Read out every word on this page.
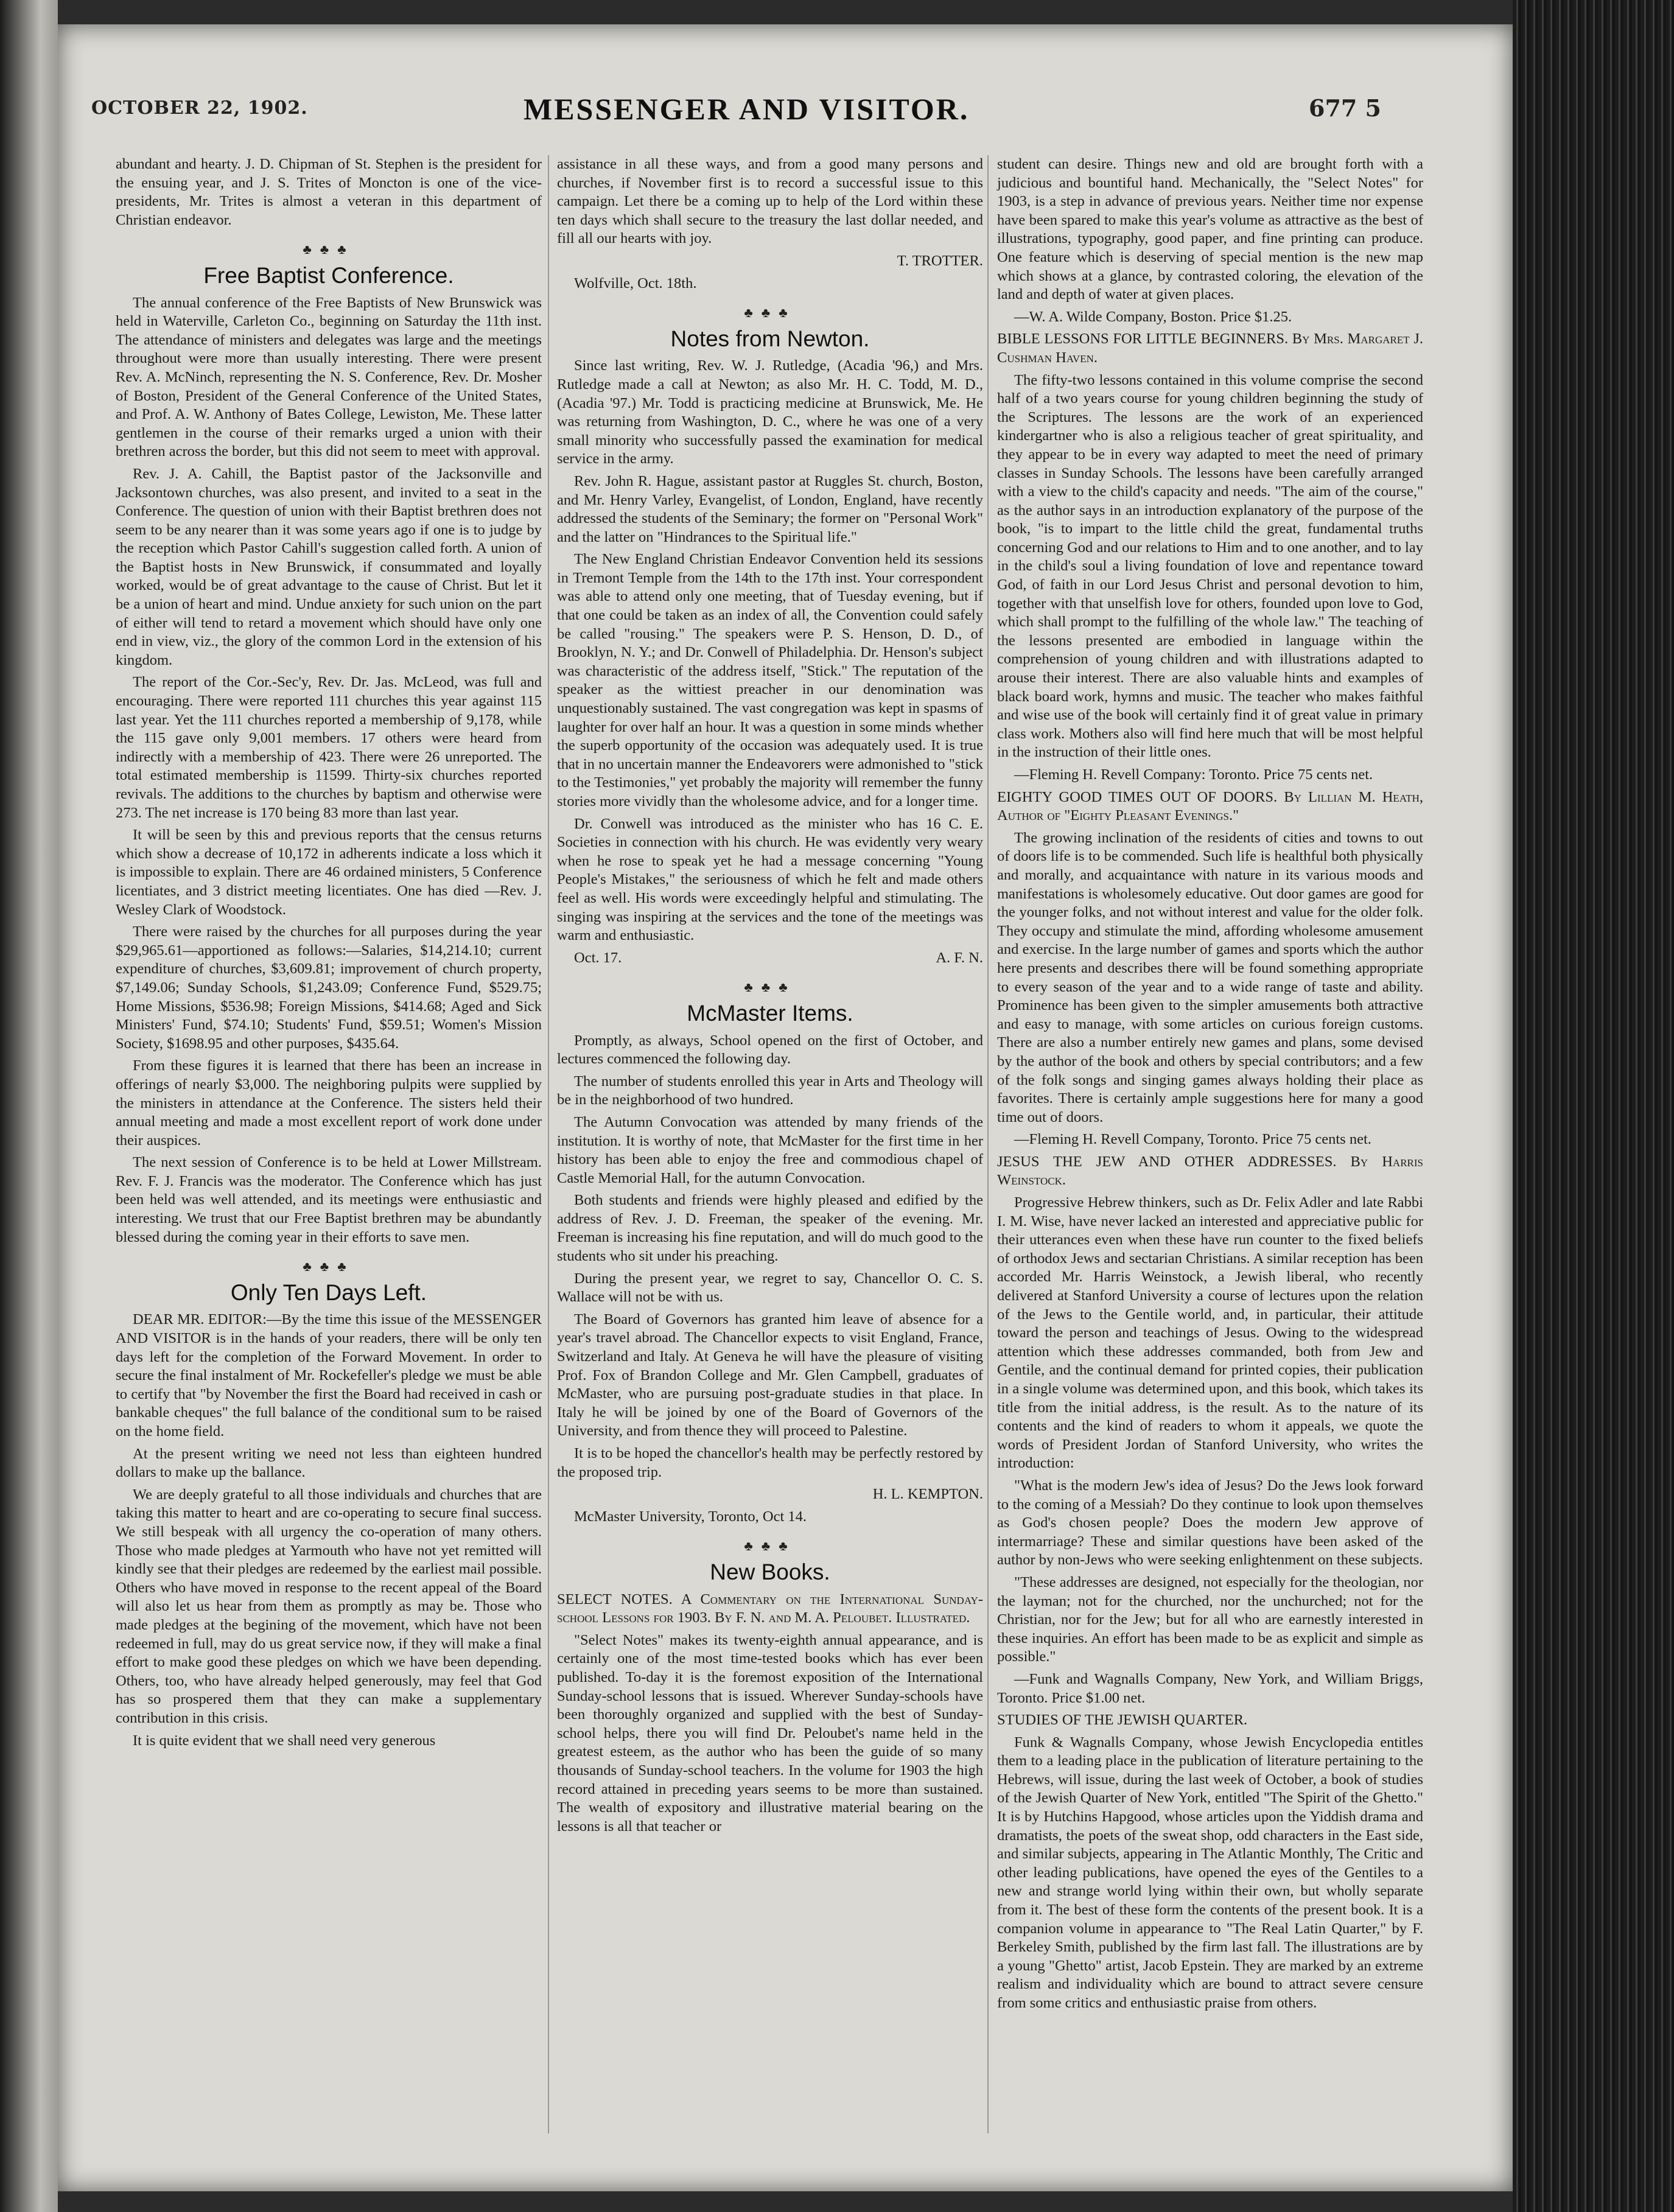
OCTOBER 22, 1902.	MESSENGER AND VISITOR.	677 5

abundant and hearty. J. D. Chipman of St. Stephen is the president for the ensuing year, and J. S. Trites of Moncton is one of the vice-presidents, Mr. Trites is almost a veteran in this department of Christian endeavor.

♣♣♣
Free Baptist Conference.

The annual conference of the Free Baptists of New Brunswick was held in Waterville, Carleton Co., beginning on Saturday the 11th inst. The attendance of ministers and delegates was large and the meetings throughout were more than usually interesting. There were present Rev. A. McNinch, representing the N. S. Conference, Rev. Dr. Mosher of Boston, President of the General Conference of the United States, and Prof. A. W. Anthony of Bates College, Lewiston, Me. These latter gentlemen in the course of their remarks urged a union with their brethren across the border, but this did not seem to meet with approval.

Rev. J. A. Cahill, the Baptist pastor of the Jacksonville and Jacksontown churches, was also present, and invited to a seat in the Conference. The question of union with their Baptist brethren does not seem to be any nearer than it was some years ago if one is to judge by the reception which Pastor Cahill's suggestion called forth. A union of the Baptist hosts in New Brunswick, if consummated and loyally worked, would be of great advantage to the cause of Christ. But let it be a union of heart and mind. Undue anxiety for such union on the part of either will tend to retard a movement which should have only one end in view, viz., the glory of the common Lord in the extension of his kingdom.

The report of the Cor.-Sec'y, Rev. Dr. Jas. McLeod, was full and encouraging. There were reported 111 churches this year against 115 last year. Yet the 111 churches reported a membership of 9,178, while the 115 gave only 9,001 members. 17 others were heard from indirectly with a membership of 423. There were 26 unreported. The total estimated membership is 11599. Thirty-six churches reported revivals. The additions to the churches by baptism and otherwise were 273. The net increase is 170 being 83 more than last year.

It will be seen by this and previous reports that the census returns which show a decrease of 10,172 in adherents indicate a loss which it is impossible to explain. There are 46 ordained ministers, 5 Conference licentiates, and 3 district meeting licentiates. One has died —Rev. J. Wesley Clark of Woodstock.

There were raised by the churches for all purposes during the year $29,965.61—apportioned as follows:—Salaries, $14,214.10; current expenditure of churches, $3,609.81; improvement of church property, $7,149.06; Sunday Schools, $1,243.09; Conference Fund, $529.75; Home Missions, $536.98; Foreign Missions, $414.68; Aged and Sick Ministers' Fund, $74.10; Students' Fund, $59.51; Women's Mission Society, $1698.95 and other purposes, $435.64.

From these figures it is learned that there has been an increase in offerings of nearly $3,000. The neighboring pulpits were supplied by the ministers in attendance at the Conference. The sisters held their annual meeting and made a most excellent report of work done under their auspices.

The next session of Conference is to be held at Lower Millstream. Rev. F. J. Francis was the moderator. The Conference which has just been held was well attended, and its meetings were enthusiastic and interesting. We trust that our Free Baptist brethren may be abundantly blessed during the coming year in their efforts to save men.

♣♣♣
Only Ten Days Left.

DEAR MR. EDITOR:—By the time this issue of the MESSENGER AND VISITOR is in the hands of your readers, there will be only ten days left for the completion of the Forward Movement. In order to secure the final instalment of Mr. Rockefeller's pledge we must be able to certify that "by November the first the Board had received in cash or bankable cheques" the full balance of the conditional sum to be raised on the home field.

At the present writing we need not less than eighteen hundred dollars to make up the ballance.

We are deeply grateful to all those individuals and churches that are taking this matter to heart and are co-operating to secure final success. We still bespeak with all urgency the co-operation of many others. Those who made pledges at Yarmouth who have not yet remitted will kindly see that their pledges are redeemed by the earliest mail possible. Others who have moved in response to the recent appeal of the Board will also let us hear from them as promptly as may be. Those who made pledges at the begining of the movement, which have not been redeemed in full, may do us great service now, if they will make a final effort to make good these pledges on which we have been depending. Others, too, who have already helped generously, may feel that God has so prospered them that they can make a supplementary contribution in this crisis.

It is quite evident that we shall need very generous

assistance in all these ways, and from a good many persons and churches, if November first is to record a successful issue to this campaign. Let there be a coming up to help of the Lord within these ten days which shall secure to the treasury the last dollar needed, and fill all our hearts with joy.

T. TROTTER.

Wolfville, Oct. 18th.

♣♣♣
Notes from Newton.

Since last writing, Rev. W. J. Rutledge, (Acadia '96,) and Mrs. Rutledge made a call at Newton; as also Mr. H. C. Todd, M. D., (Acadia '97.) Mr. Todd is practicing medicine at Brunswick, Me. He was returning from Washington, D. C., where he was one of a very small minority who successfully passed the examination for medical service in the army.

Rev. John R. Hague, assistant pastor at Ruggles St. church, Boston, and Mr. Henry Varley, Evangelist, of London, England, have recently addressed the students of the Seminary; the former on "Personal Work" and the latter on "Hindrances to the Spiritual life."

The New England Christian Endeavor Convention held its sessions in Tremont Temple from the 14th to the 17th inst. Your correspondent was able to attend only one meeting, that of Tuesday evening, but if that one could be taken as an index of all, the Convention could safely be called "rousing." The speakers were P. S. Henson, D. D., of Brooklyn, N. Y.; and Dr. Conwell of Philadelphia. Dr. Henson's subject was characteristic of the address itself, "Stick." The reputation of the speaker as the wittiest preacher in our denomination was unquestionably sustained. The vast congregation was kept in spasms of laughter for over half an hour. It was a question in some minds whether the superb opportunity of the occasion was adequately used. It is true that in no uncertain manner the Endeavorers were admonished to "stick to the Testimonies," yet probably the majority will remember the funny stories more vividly than the wholesome advice, and for a longer time.

Dr. Conwell was introduced as the minister who has 16 C. E. Societies in connection with his church. He was evidently very weary when he rose to speak yet he had a message concerning "Young People's Mistakes," the seriousness of which he felt and made others feel as well. His words were exceedingly helpful and stimulating. The singing was inspiring at the services and the tone of the meetings was warm and enthusiastic.

Oct. 17.	A. F. N.

♣♣♣
McMaster Items.

Promptly, as always, School opened on the first of October, and lectures commenced the following day.

The number of students enrolled this year in Arts and Theology will be in the neighborhood of two hundred.

The Autumn Convocation was attended by many friends of the institution. It is worthy of note, that McMaster for the first time in her history has been able to enjoy the free and commodious chapel of Castle Memorial Hall, for the autumn Convocation.

Both students and friends were highly pleased and edified by the address of Rev. J. D. Freeman, the speaker of the evening. Mr. Freeman is increasing his fine reputation, and will do much good to the students who sit under his preaching.

During the present year, we regret to say, Chancellor O. C. S. Wallace will not be with us.

The Board of Governors has granted him leave of absence for a year's travel abroad. The Chancellor expects to visit England, France, Switzerland and Italy. At Geneva he will have the pleasure of visiting Prof. Fox of Brandon College and Mr. Glen Campbell, graduates of McMaster, who are pursuing post-graduate studies in that place. In Italy he will be joined by one of the Board of Governors of the University, and from thence they will proceed to Palestine.

It is to be hoped the chancellor's health may be perfectly restored by the proposed trip.

H. L. KEMPTON.

McMaster University, Toronto, Oct 14.

♣♣♣
New Books.

SELECT NOTES. A Commentary on the International Sunday-school Lessons for 1903. By F. N. and M. A. Peloubet. Illustrated.

"Select Notes" makes its twenty-eighth annual appearance, and is certainly one of the most time-tested books which has ever been published. To-day it is the foremost exposition of the International Sunday-school lessons that is issued. Wherever Sunday-schools have been thoroughly organized and supplied with the best of Sunday-school helps, there you will find Dr. Peloubet's name held in the greatest esteem, as the author who has been the guide of so many thousands of Sunday-school teachers. In the volume for 1903 the high record attained in preceding years seems to be more than sustained. The wealth of expository and illustrative material bearing on the lessons is all that teacher or

student can desire. Things new and old are brought forth with a judicious and bountiful hand. Mechanically, the "Select Notes" for 1903, is a step in advance of previous years. Neither time nor expense have been spared to make this year's volume as attractive as the best of illustrations, typography, good paper, and fine printing can produce. One feature which is deserving of special mention is the new map which shows at a glance, by contrasted coloring, the elevation of the land and depth of water at given places.

—W. A. Wilde Company, Boston. Price $1.25.

BIBLE LESSONS FOR LITTLE BEGINNERS. By Mrs. Margaret J. Cushman Haven.

The fifty-two lessons contained in this volume comprise the second half of a two years course for young children beginning the study of the Scriptures. The lessons are the work of an experienced kindergartner who is also a religious teacher of great spirituality, and they appear to be in every way adapted to meet the need of primary classes in Sunday Schools. The lessons have been carefully arranged with a view to the child's capacity and needs. "The aim of the course," as the author says in an introduction explanatory of the purpose of the book, "is to impart to the little child the great, fundamental truths concerning God and our relations to Him and to one another, and to lay in the child's soul a living foundation of love and repentance toward God, of faith in our Lord Jesus Christ and personal devotion to him, together with that unselfish love for others, founded upon love to God, which shall prompt to the fulfilling of the whole law." The teaching of the lessons presented are embodied in language within the comprehension of young children and with illustrations adapted to arouse their interest. There are also valuable hints and examples of black board work, hymns and music. The teacher who makes faithful and wise use of the book will certainly find it of great value in primary class work. Mothers also will find here much that will be most helpful in the instruction of their little ones.

—Fleming H. Revell Company: Toronto. Price 75 cents net.

EIGHTY GOOD TIMES OUT OF DOORS. By Lillian M. Heath, Author of "Eighty Pleasant Evenings."

The growing inclination of the residents of cities and towns to out of doors life is to be commended. Such life is healthful both physically and morally, and acquaintance with nature in its various moods and manifestations is wholesomely educative. Out door games are good for the younger folks, and not without interest and value for the older folk. They occupy and stimulate the mind, affording wholesome amusement and exercise. In the large number of games and sports which the author here presents and describes there will be found something appropriate to every season of the year and to a wide range of taste and ability. Prominence has been given to the simpler amusements both attractive and easy to manage, with some articles on curious foreign customs. There are also a number entirely new games and plans, some devised by the author of the book and others by special contributors; and a few of the folk songs and singing games always holding their place as favorites. There is certainly ample suggestions here for many a good time out of doors.

—Fleming H. Revell Company, Toronto. Price 75 cents net.

JESUS THE JEW AND OTHER ADDRESSES. By Harris Weinstock.

Progressive Hebrew thinkers, such as Dr. Felix Adler and late Rabbi I. M. Wise, have never lacked an interested and appreciative public for their utterances even when these have run counter to the fixed beliefs of orthodox Jews and sectarian Christians. A similar reception has been accorded Mr. Harris Weinstock, a Jewish liberal, who recently delivered at Stanford University a course of lectures upon the relation of the Jews to the Gentile world, and, in particular, their attitude toward the person and teachings of Jesus. Owing to the widespread attention which these addresses commanded, both from Jew and Gentile, and the continual demand for printed copies, their publication in a single volume was determined upon, and this book, which takes its title from the initial address, is the result. As to the nature of its contents and the kind of readers to whom it appeals, we quote the words of President Jordan of Stanford University, who writes the introduction:

"What is the modern Jew's idea of Jesus? Do the Jews look forward to the coming of a Messiah? Do they continue to look upon themselves as God's chosen people? Does the modern Jew approve of intermarriage? These and similar questions have been asked of the author by non-Jews who were seeking enlightenment on these subjects.

"These addresses are designed, not especially for the theologian, nor the layman; not for the churched, nor the unchurched; not for the Christian, nor for the Jew; but for all who are earnestly interested in these inquiries. An effort has been made to be as explicit and simple as possible."

—Funk and Wagnalls Company, New York, and William Briggs, Toronto. Price $1.00 net.

STUDIES OF THE JEWISH QUARTER.

Funk & Wagnalls Company, whose Jewish Encyclopedia entitles them to a leading place in the publication of literature pertaining to the Hebrews, will issue, during the last week of October, a book of studies of the Jewish Quarter of New York, entitled "The Spirit of the Ghetto." It is by Hutchins Hapgood, whose articles upon the Yiddish drama and dramatists, the poets of the sweat shop, odd characters in the East side, and similar subjects, appearing in The Atlantic Monthly, The Critic and other leading publications, have opened the eyes of the Gentiles to a new and strange world lying within their own, but wholly separate from it. The best of these form the contents of the present book. It is a companion volume in appearance to "The Real Latin Quarter," by F. Berkeley Smith, published by the firm last fall. The illustrations are by a young "Ghetto" artist, Jacob Epstein. They are marked by an extreme realism and individuality which are bound to attract severe censure from some critics and enthusiastic praise from others.
